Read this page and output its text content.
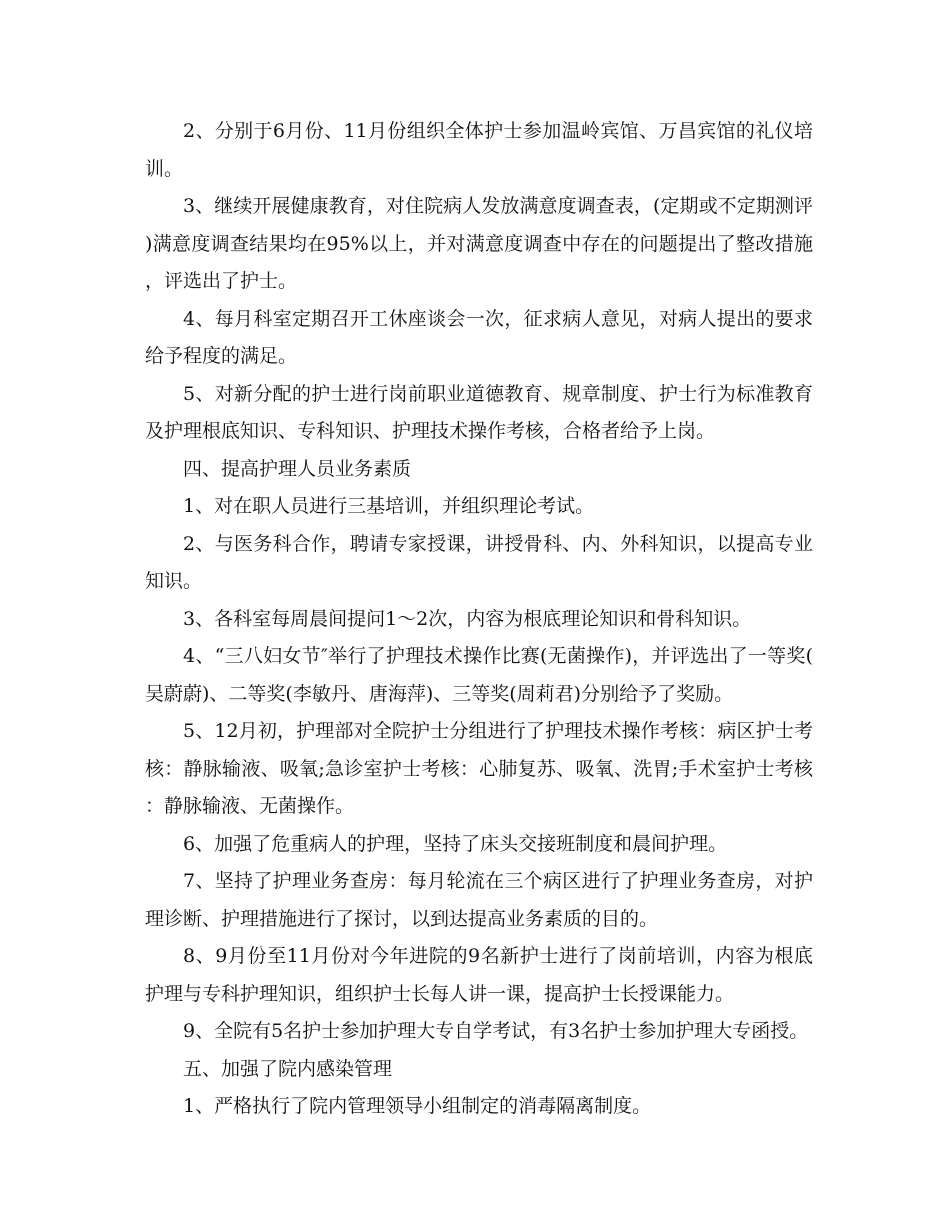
2、分别于6月份、11月份组织全体护士参加温岭宾馆、万昌宾馆的礼仪培训。

3、继续开展健康教育，对住院病人发放满意度调查表，(定期或不定期测评)满意度调查结果均在95%以上，并对满意度调查中存在的问题提出了整改措施，评选出了护士。

4、每月科室定期召开工休座谈会一次，征求病人意见，对病人提出的要求给予程度的满足。

5、对新分配的护士进行岗前职业道德教育、规章制度、护士行为标准教育及护理根底知识、专科知识、护理技术操作考核，合格者给予上岗。

四、提高护理人员业务素质

1、对在职人员进行三基培训，并组织理论考试。

2、与医务科合作，聘请专家授课，讲授骨科、内、外科知识，以提高专业知识。

3、各科室每周晨间提问1～2次，内容为根底理论知识和骨科知识。

4、“三八妇女节″举行了护理技术操作比赛(无菌操作)，并评选出了一等奖(吴蔚蔚)、二等奖(李敏丹、唐海萍)、三等奖(周莉君)分别给予了奖励。

5、12月初，护理部对全院护士分组进行了护理技术操作考核：病区护士考核：静脉输液、吸氧;急诊室护士考核：心肺复苏、吸氧、洗胃;手术室护士考核：静脉输液、无菌操作。

6、加强了危重病人的护理，坚持了床头交接班制度和晨间护理。

7、坚持了护理业务查房：每月轮流在三个病区进行了护理业务查房，对护理诊断、护理措施进行了探讨，以到达提高业务素质的目的。

8、9月份至11月份对今年进院的9名新护士进行了岗前培训，内容为根底护理与专科护理知识，组织护士长每人讲一课，提高护士长授课能力。

9、全院有5名护士参加护理大专自学考试，有3名护士参加护理大专函授。

五、加强了院内感染管理

1、严格执行了院内管理领导小组制定的消毒隔离制度。
